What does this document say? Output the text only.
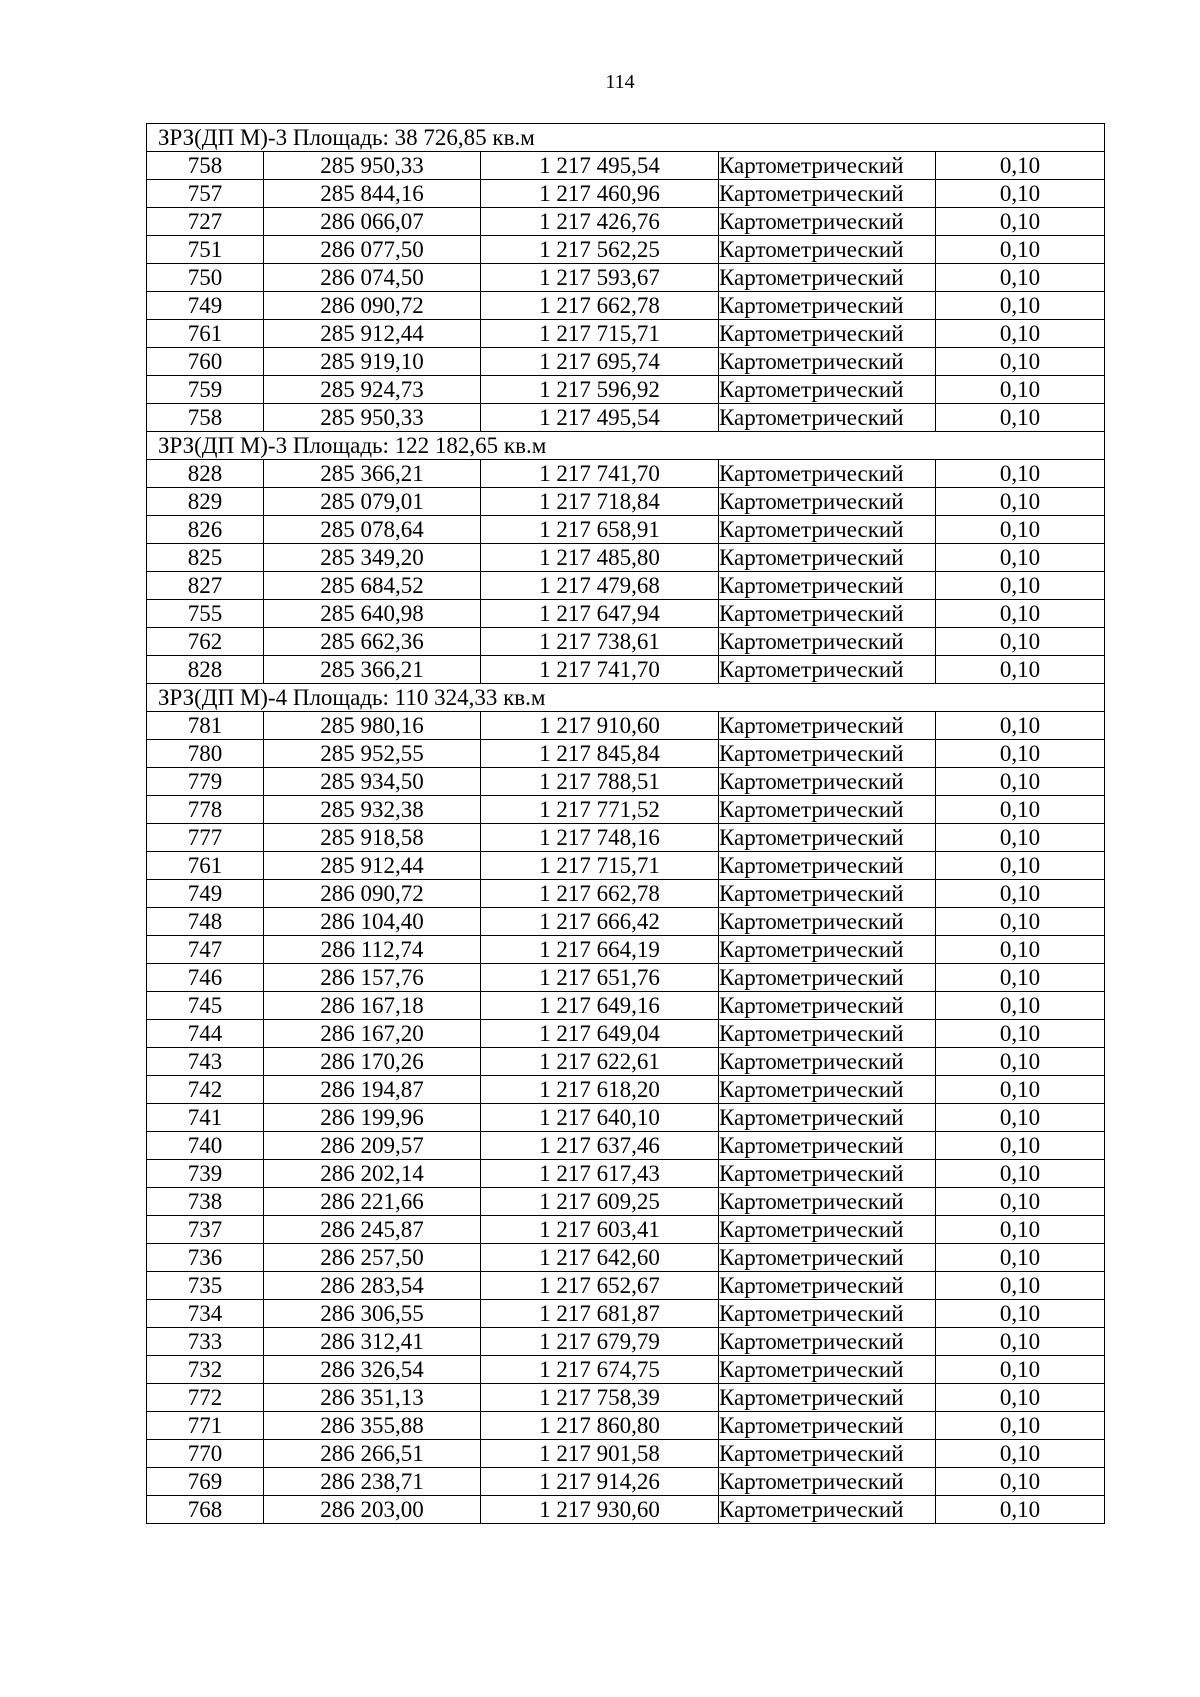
114
ЗРЗ(ДП М)-3 Площадь: 38 726,85 кв.м				
758	285 950,33	1 217 495,54	Картометрический	0,10
757	285 844,16	1 217 460,96	Картометрический	0,10
727	286 066,07	1 217 426,76	Картометрический	0,10
751	286 077,50	1 217 562,25	Картометрический	0,10
750	286 074,50	1 217 593,67	Картометрический	0,10
749	286 090,72	1 217 662,78	Картометрический	0,10
761	285 912,44	1 217 715,71	Картометрический	0,10
760	285 919,10	1 217 695,74	Картометрический	0,10
759	285 924,73	1 217 596,92	Картометрический	0,10
758	285 950,33	1 217 495,54	Картометрический	0,10
ЗРЗ(ДП М)-3 Площадь: 122 182,65 кв.м				
828	285 366,21	1 217 741,70	Картометрический	0,10
829	285 079,01	1 217 718,84	Картометрический	0,10
826	285 078,64	1 217 658,91	Картометрический	0,10
825	285 349,20	1 217 485,80	Картометрический	0,10
827	285 684,52	1 217 479,68	Картометрический	0,10
755	285 640,98	1 217 647,94	Картометрический	0,10
762	285 662,36	1 217 738,61	Картометрический	0,10
828	285 366,21	1 217 741,70	Картометрический	0,10
ЗРЗ(ДП М)-4 Площадь: 110 324,33 кв.м				
781	285 980,16	1 217 910,60	Картометрический	0,10
780	285 952,55	1 217 845,84	Картометрический	0,10
779	285 934,50	1 217 788,51	Картометрический	0,10
778	285 932,38	1 217 771,52	Картометрический	0,10
777	285 918,58	1 217 748,16	Картометрический	0,10
761	285 912,44	1 217 715,71	Картометрический	0,10
749	286 090,72	1 217 662,78	Картометрический	0,10
748	286 104,40	1 217 666,42	Картометрический	0,10
747	286 112,74	1 217 664,19	Картометрический	0,10
746	286 157,76	1 217 651,76	Картометрический	0,10
745	286 167,18	1 217 649,16	Картометрический	0,10
744	286 167,20	1 217 649,04	Картометрический	0,10
743	286 170,26	1 217 622,61	Картометрический	0,10
742	286 194,87	1 217 618,20	Картометрический	0,10
741	286 199,96	1 217 640,10	Картометрический	0,10
740	286 209,57	1 217 637,46	Картометрический	0,10
739	286 202,14	1 217 617,43	Картометрический	0,10
738	286 221,66	1 217 609,25	Картометрический	0,10
737	286 245,87	1 217 603,41	Картометрический	0,10
736	286 257,50	1 217 642,60	Картометрический	0,10
735	286 283,54	1 217 652,67	Картометрический	0,10
734	286 306,55	1 217 681,87	Картометрический	0,10
733	286 312,41	1 217 679,79	Картометрический	0,10
732	286 326,54	1 217 674,75	Картометрический	0,10
772	286 351,13	1 217 758,39	Картометрический	0,10
771	286 355,88	1 217 860,80	Картометрический	0,10
770	286 266,51	1 217 901,58	Картометрический	0,10
769	286 238,71	1 217 914,26	Картометрический	0,10
768	286 203,00	1 217 930,60	Картометрический	0,10
